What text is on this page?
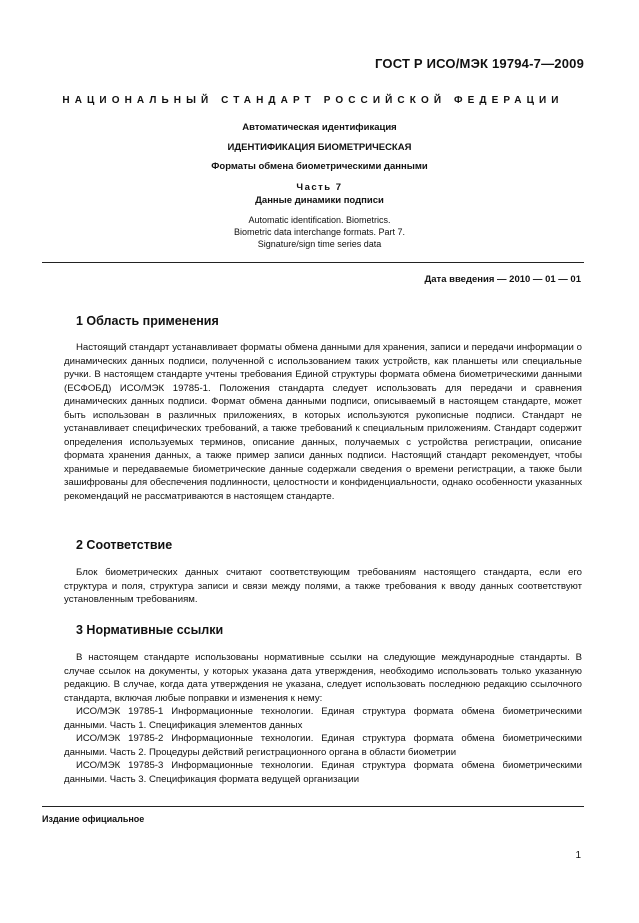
ГОСТ Р ИСО/МЭК 19794-7—2009
НАЦИОНАЛЬНЫЙ СТАНДАРТ РОССИЙСКОЙ ФЕДЕРАЦИИ
Автоматическая идентификация
ИДЕНТИФИКАЦИЯ БИОМЕТРИЧЕСКАЯ
Форматы обмена биометрическими данными
Часть 7
Данные динамики подписи
Automatic identification. Biometrics.
Biometric data interchange formats. Part 7.
Signature/sign time series data
Дата введения — 2010 — 01 — 01
1 Область применения

Настоящий стандарт устанавливает форматы обмена данными для хранения, записи и передачи информации о динамических данных подписи, полученной с использованием таких устройств, как планшеты или специальные ручки. В настоящем стандарте учтены требования Единой структуры формата обмена биометрическими данными (ЕСФОБД) ИСО/МЭК 19785-1. Положения стандарта следует использовать для передачи и сравнения динамических данных подписи. Формат обмена данными подписи, описываемый в настоящем стандарте, может быть использован в различных приложениях, в которых используются рукописные подписи. Стандарт не устанавливает специфических требований, а также требований к специальным приложениям. Стандарт содержит определения используемых терминов, описание данных, получаемых с устройства регистрации, описание формата хранения данных, а также пример записи данных подписи. Настоящий стандарт рекомендует, чтобы хранимые и передаваемые биометрические данные содержали сведения о времени регистрации, а также были зашифрованы для обеспечения подлинности, целостности и конфиденциальности, однако особенности указанных рекомендаций не рассматриваются в настоящем стандарте.

2 Соответствие

Блок биометрических данных считают соответствующим требованиям настоящего стандарта, если его структура и поля, структура записи и связи между полями, а также требования к вводу данных соответствуют установленным требованиям.

3 Нормативные ссылки

В настоящем стандарте использованы нормативные ссылки на следующие международные стандарты. В случае ссылок на документы, у которых указана дата утверждения, необходимо использовать только указанную редакцию. В случае, когда дата утверждения не указана, следует использовать последнюю редакцию ссылочного стандарта, включая любые поправки и изменения к нему:

ИСО/МЭК 19785-1 Информационные технологии. Единая структура формата обмена биометрическими данными. Часть 1. Спецификация элементов данных

ИСО/МЭК 19785-2 Информационные технологии. Единая структура формата обмена биометрическими данными. Часть 2. Процедуры действий регистрационного органа в области биометрии

ИСО/МЭК 19785-3 Информационные технологии. Единая структура формата обмена биометрическими данными. Часть 3. Спецификация формата ведущей организации

Издание официальное
1
